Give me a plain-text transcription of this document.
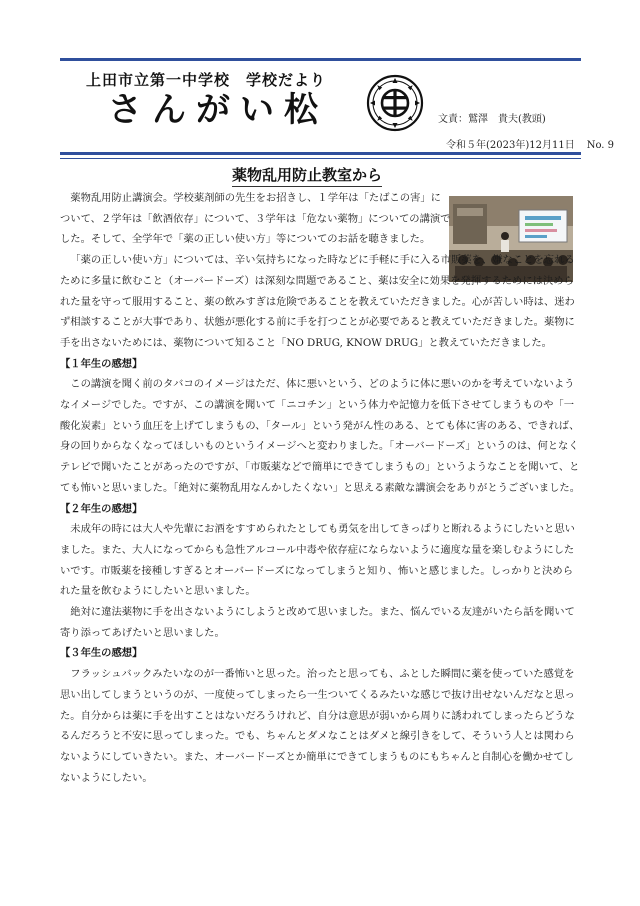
上田市立第一中学校　学校だより
さんがい松	文責：鷲澤　貴夫(教頭)
令和５年(2023年)12月11日 No. 9
薬物乱用防止教室から

薬物乱用防止講演会。学校薬剤師の先生をお招きし、１学年は「たばこの害」について、２学年は「飲酒依存」について、３学年は「危ない薬物」についての講演でした。そして、全学年で「薬の正しい使い方」等についてのお話を聴きました。

「薬の正しい使い方」については、辛い気持ちになった時などに手軽に手に入る市販薬を、嫌なことを忘れるために多量に飲むこと（オーバードーズ）は深刻な問題であること、薬は安全に効果を発揮するためには決められた量を守って服用すること、薬の飲みすぎは危険であることを教えていただきました。心が苦しい時は、迷わず相談することが大事であり、状態が悪化する前に手を打つことが必要であると教えていただきました。薬物に手を出さないためには、薬物について知ること「NO DRUG, KNOW DRUG」と教えていただきました。

【１年生の感想】

この講演を聞く前のタバコのイメージはただ、体に悪いという、どのように体に悪いのかを考えていないようなイメージでした。ですが、この講演を聞いて「ニコチン」という体力や記憶力を低下させてしまうものや「一酸化炭素」という血圧を上げてしまうもの、「タール」という発がん性のある、とても体に害のある、できれば、身の回りからなくなってほしいものというイメージへと変わりました。「オーバードーズ」というのは、何となくテレビで聞いたことがあったのですが、「市販薬などで簡単にできてしまうもの」というようなことを聞いて、とても怖いと思いました。「絶対に薬物乱用なんかしたくない」と思える素敵な講演会をありがとうございました。

【２年生の感想】

未成年の時には大人や先輩にお酒をすすめられたとしても勇気を出してきっぱりと断れるようにしたいと思いました。また、大人になってからも急性アルコール中毒や依存症にならないように適度な量を楽しむようにしたいです。市販薬を接種しすぎるとオーバードーズになってしまうと知り、怖いと感じました。しっかりと決められた量を飲むようにしたいと思いました。

絶対に違法薬物に手を出さないようにしようと改めて思いました。また、悩んでいる友達がいたら話を聞いて寄り添ってあげたいと思いました。

【３年生の感想】

フラッシュバックみたいなのが一番怖いと思った。治ったと思っても、ふとした瞬間に薬を使っていた感覚を思い出してしまうというのが、一度使ってしまったら一生ついてくるみたいな感じで抜け出せないんだなと思った。自分からは薬に手を出すことはないだろうけれど、自分は意思が弱いから周りに誘われてしまったらどうなるんだろうと不安に思ってしまった。でも、ちゃんとダメなことはダメと線引きをして、そういう人とは関わらないようにしていきたい。また、オーバードーズとか簡単にできてしまうものにもちゃんと自制心を働かせてしないようにしたい。
